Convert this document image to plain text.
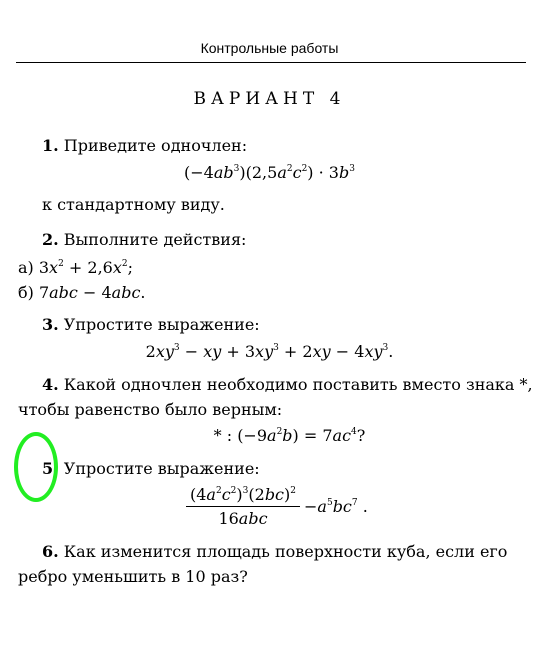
Контрольные работы
ВАРИАНТ 4
1. Приведите одночлен:
$(-4ab^3)(2,5a^2c^2) \cdot 3b^3$
к стандартному виду.
2. Выполните действия:
а) $3x^2 + 2,6x^2$;
б) 7abc − 4abc.
3. Упростите выражение:
$2xy^3$ − xy + $3xy^3 + 2xy - 4xy^3$.
4. Какой одночлен необходимо поставить вместо знака *,
чтобы равенство было верным:
* : $(-9a^2b) = 7ac^4$?
5. Упростите выражение:
$\frac{(4a^2c^2)^3(2bc)^2}{\text{16abc}} -a^5bc^7$ .
6. Как изменится площадь поверхности куба, если его
ребро уменьшить в 10 раз?
